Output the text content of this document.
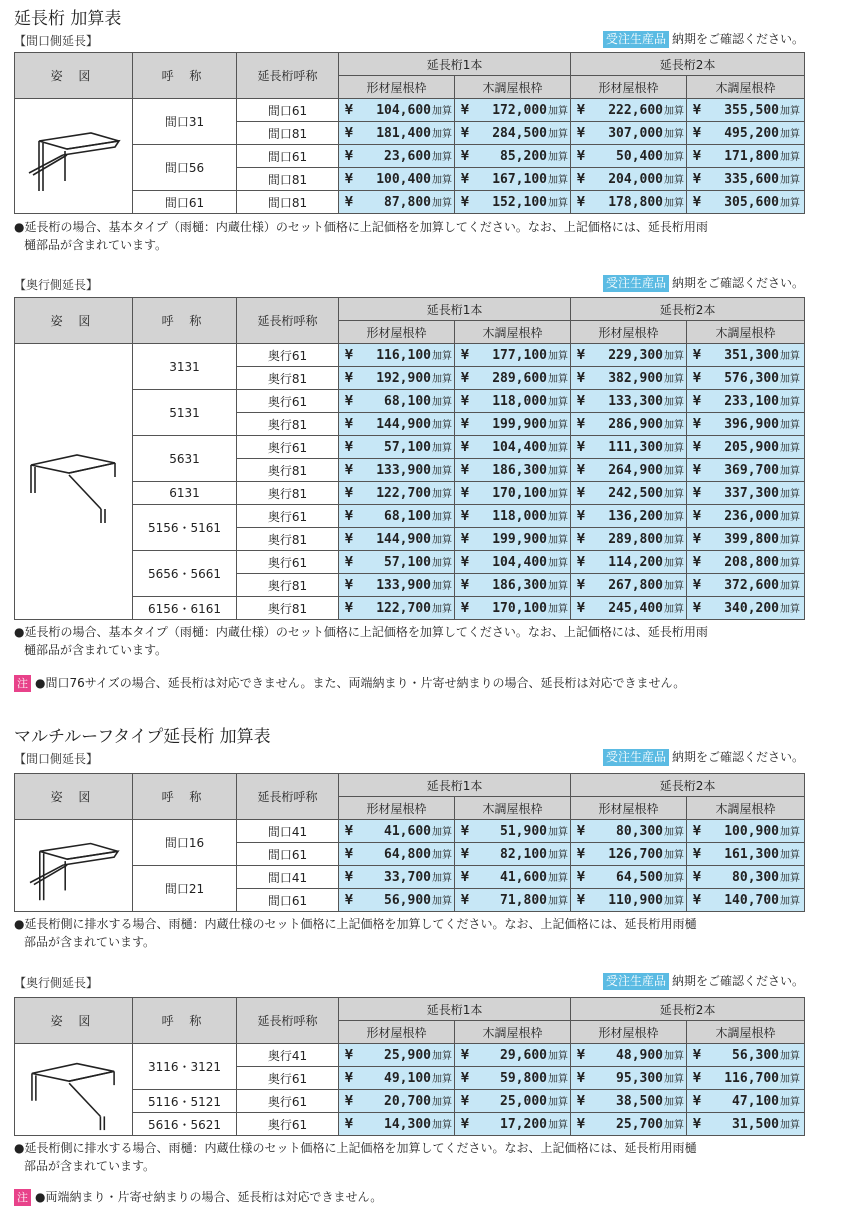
延長桁 加算表
【間口側延長】	受注生産品 納期をご確認ください。
姿 図	呼 称	延長桁呼称	延長桁1本		延長桁2本	
			形材屋根枠	木調屋根枠	形材屋根枠	木調屋根枠

	間口31	間口61	¥ 104,600加算	¥ 172,000加算	¥ 222,600加算	¥ 355,500加算
		間口81	¥ 181,400加算	¥ 284,500加算	¥ 307,000加算	¥ 495,200加算
	間口56	間口61	¥ 23,600加算	¥ 85,200加算	¥ 50,400加算	¥ 171,800加算
		間口81	¥ 100,400加算	¥ 167,100加算	¥ 204,000加算	¥ 335,600加算
	間口61	間口81	¥ 87,800加算	¥ 152,100加算	¥ 178,800加算	¥ 305,600加算
●延長桁の場合、基本タイプ（雨樋：内蔵仕様）のセット価格に上記価格を加算してください。なお、上記価格には、延長桁用雨
樋部品が含まれています。
【奥行側延長】	受注生産品 納期をご確認ください。
姿 図	呼 称	延長桁呼称	延長桁1本		延長桁2本	
			形材屋根枠	木調屋根枠	形材屋根枠	木調屋根枠

	3131	奥行61	¥ 116,100加算	¥ 177,100加算	¥ 229,300加算	¥ 351,300加算
		奥行81	¥ 192,900加算	¥ 289,600加算	¥ 382,900加算	¥ 576,300加算
	5131	奥行61	¥ 68,100加算	¥ 118,000加算	¥ 133,300加算	¥ 233,100加算
		奥行81	¥ 144,900加算	¥ 199,900加算	¥ 286,900加算	¥ 396,900加算
	5631	奥行61	¥ 57,100加算	¥ 104,400加算	¥ 111,300加算	¥ 205,900加算
		奥行81	¥ 133,900加算	¥ 186,300加算	¥ 264,900加算	¥ 369,700加算
	6131	奥行81	¥ 122,700加算	¥ 170,100加算	¥ 242,500加算	¥ 337,300加算
	5156・5161	奥行61	¥ 68,100加算	¥ 118,000加算	¥ 136,200加算	¥ 236,000加算
		奥行81	¥ 144,900加算	¥ 199,900加算	¥ 289,800加算	¥ 399,800加算
	5656・5661	奥行61	¥ 57,100加算	¥ 104,400加算	¥ 114,200加算	¥ 208,800加算
		奥行81	¥ 133,900加算	¥ 186,300加算	¥ 267,800加算	¥ 372,600加算
	6156・6161	奥行81	¥ 122,700加算	¥ 170,100加算	¥ 245,400加算	¥ 340,200加算
●延長桁の場合、基本タイプ（雨樋：内蔵仕様）のセット価格に上記価格を加算してください。なお、上記価格には、延長桁用雨
樋部品が含まれています。
注 ●間口76サイズの場合、延長桁は対応できません。また、両端納まり・片寄せ納まりの場合、延長桁は対応できません。
マルチルーフタイプ延長桁 加算表
【間口側延長】	受注生産品 納期をご確認ください。
姿 図	呼 称	延長桁呼称	延長桁1本		延長桁2本	
			形材屋根枠	木調屋根枠	形材屋根枠	木調屋根枠

	間口16	間口41	¥ 41,600加算	¥ 51,900加算	¥ 80,300加算	¥ 100,900加算
		間口61	¥ 64,800加算	¥ 82,100加算	¥ 126,700加算	¥ 161,300加算
	間口21	間口41	¥ 33,700加算	¥ 41,600加算	¥ 64,500加算	¥ 80,300加算
		間口61	¥ 56,900加算	¥ 71,800加算	¥ 110,900加算	¥ 140,700加算
●延長桁側に排水する場合、雨樋：内蔵仕様のセット価格に上記価格を加算してください。なお、上記価格には、延長桁用雨樋
部品が含まれています。
【奥行側延長】	受注生産品 納期をご確認ください。
姿 図	呼 称	延長桁呼称	延長桁1本		延長桁2本	
			形材屋根枠	木調屋根枠	形材屋根枠	木調屋根枠

	3116・3121	奥行41	¥ 25,900加算	¥ 29,600加算	¥ 48,900加算	¥ 56,300加算
		奥行61	¥ 49,100加算	¥ 59,800加算	¥ 95,300加算	¥ 116,700加算
	5116・5121	奥行61	¥ 20,700加算	¥ 25,000加算	¥ 38,500加算	¥ 47,100加算
	5616・5621	奥行61	¥ 14,300加算	¥ 17,200加算	¥ 25,700加算	¥ 31,500加算
●延長桁側に排水する場合、雨樋：内蔵仕様のセット価格に上記価格を加算してください。なお、上記価格には、延長桁用雨樋
部品が含まれています。
注 ●両端納まり・片寄せ納まりの場合、延長桁は対応できません。
